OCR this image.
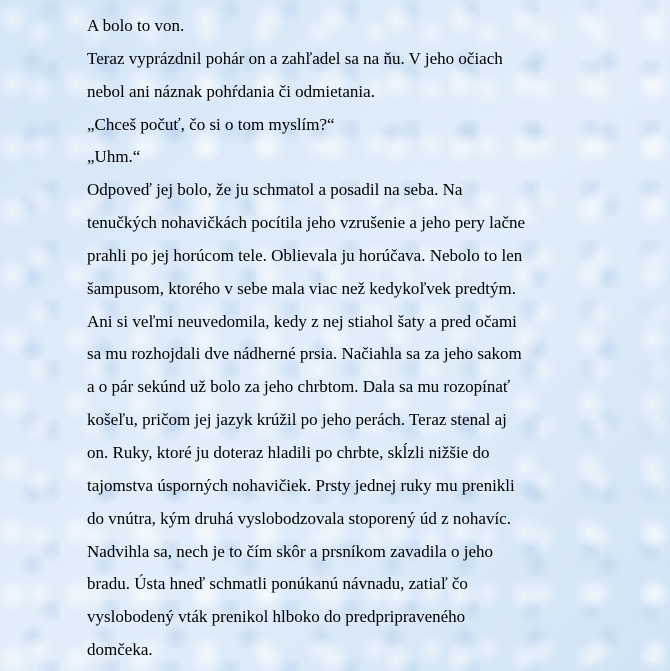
A bolo to von.
Teraz vyprázdnil pohár on a zahľadel sa na ňu. V jeho očiach
nebol ani náznak pohŕdania či odmietania.
„Chceš počuť, čo si o tom myslím?“
„Uhm.“
Odpoveď jej bolo, že ju schmatol a posadil na seba. Na
tenučkých nohavičkách pocítila jeho vzrušenie a jeho pery lačne
prahli po jej horúcom tele. Oblievala ju horúčava. Nebolo to len
šampusom, ktorého v sebe mala viac než kedykoľvek predtým.
Ani si veľmi neuvedomila, kedy z nej stiahol šaty a pred očami
sa mu rozhojdali dve nádherné prsia. Načiahla sa za jeho sakom
a o pár sekúnd už bolo za jeho chrbtom. Dala sa mu rozopínať
košeľu, pričom jej jazyk krúžil po jeho perách. Teraz stenal aj
on. Ruky, ktoré ju doteraz hladili po chrbte, skĺzli nižšie do
tajomstva úsporných nohavičiek. Prsty jednej ruky mu prenikli
do vnútra, kým druhá vyslobodzovala stoporený úd z nohavíc.
Nadvihla sa, nech je to čím skôr a prsníkom zavadila o jeho
bradu. Ústa hneď schmatli ponúkanú návnadu, zatiaľ čo
vyslobodený vták prenikol hlboko do predpripraveného
domčeka.
